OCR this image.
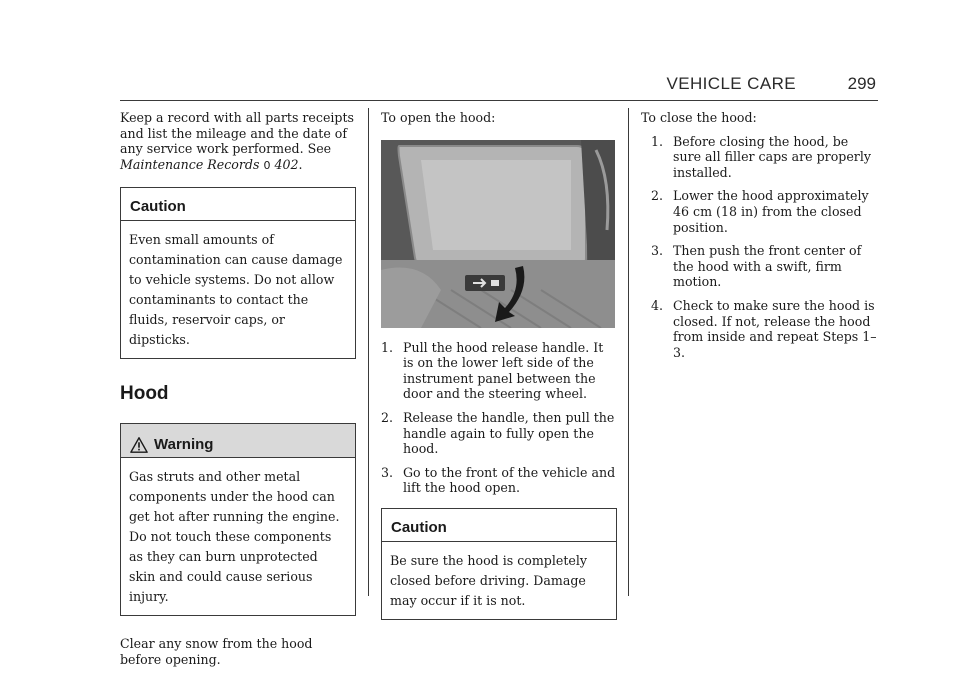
VEHICLE CARE	299

Keep a record with all parts receipts and list the mileage and the date of any service work performed. See
Maintenance Records 0 402.

Caution

Even small amounts of contamination can cause damage to vehicle systems. Do not allow contaminants to contact the fluids, reservoir caps, or dipsticks.

Hood
Warning

Gas struts and other metal components under the hood can get hot after running the engine. Do not touch these components as they can burn unprotected skin and could cause serious injury.

Clear any snow from the hood before opening.

To open the hood:

1. Pull the hood release handle. It is on the lower left side of the instrument panel between the door and the steering wheel.
2. Release the handle, then pull the handle again to fully open the hood.
3. Go to the front of the vehicle and lift the hood open.
Caution

Be sure the hood is completely closed before driving. Damage may occur if it is not.

To close the hood:

1. Before closing the hood, be sure all filler caps are properly installed.
2. Lower the hood approximately 46 cm (18 in) from the closed position.
3. Then push the front center of the hood with a swift, firm motion.
4. Check to make sure the hood is closed. If not, release the hood from inside and repeat Steps 1–3.
